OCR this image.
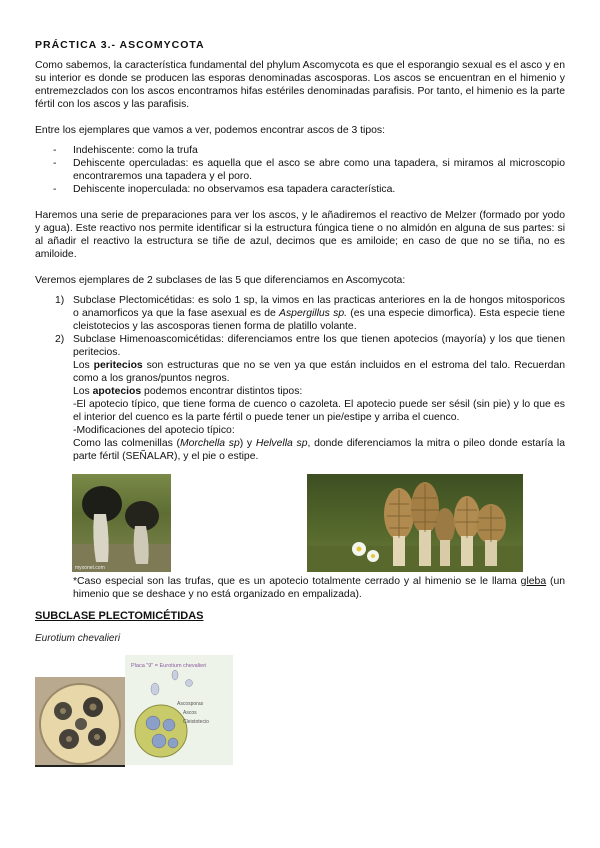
PRÁCTICA 3.- ASCOMYCOTA
Como sabemos, la característica fundamental del phylum Ascomycota es que el esporangio sexual es el asco y en su interior es donde se producen las esporas denominadas ascosporas. Los ascos se encuentran en el himenio y entremezclados con los ascos encontramos hifas estériles denominadas parafisis. Por tanto, el himenio es la parte fértil con los ascos y las parafisis.
Entre los ejemplares que vamos a ver, podemos encontrar ascos de 3 tipos:
- Indehiscente: como la trufa
- Dehiscente operculadas: es aquella que el asco se abre como una tapadera, si miramos al microscopio encontraremos una tapadera y el poro.
- Dehiscente inoperculada: no observamos esa tapadera característica.
Haremos una serie de preparaciones para ver los ascos, y le añadiremos el reactivo de Melzer (formado por yodo y agua). Este reactivo nos permite identificar si la estructura fúngica tiene o no almidón en alguna de sus partes: si al añadir el reactivo la estructura se tiñe de azul, decimos que es amiloide; en caso de que no se tiña, no es amiloide.
Veremos ejemplares de 2 subclases de las 5 que diferenciamos en Ascomycota:
1) Subclase Plectomicétidas: es solo 1 sp, la vimos en las practicas anteriores en la de hongos mitosporicos o anamorficos ya que la fase asexual es de Aspergillus sp. (es una especie dimorfica). Esta especie tiene cleistotecios y las ascosporas tienen forma de platillo volante.
2) Subclase Himenoascomicétidas: diferenciamos entre los que tienen apotecios (mayoría) y los que tienen peritecios.
Los peritecios son estructuras que no se ven ya que están incluidos en el estroma del talo. Recuerdan como a los granos/puntos negros.
Los apotecios podemos encontrar distintos tipos:
-El apotecio típico, que tiene forma de cuenco o cazoleta. El apotecio puede ser sésil (sin pie) y lo que es el interior del cuenco es la parte fértil o puede tener un pie/estipe y arriba el cuenco.
-Modificaciones del apotecio típico:
Como las colmenillas (Morchella sp) y Helvella sp, donde diferenciamos la mitra o pileo donde estaría la parte fértil (SEÑALAR), y el pie o estipe.
myxonet.com
*Caso especial son las trufas, que es un apotecio totalmente cerrado y al himenio se le llama gleba (un himenio que se deshace y no está organizado en empalizada).
SUBCLASE PLECTOMICÉTIDAS
Eurotium chevalieri
Placa "9" = Eurotium chevalieri
Ascosporas
Ascos
Cleistotecio
